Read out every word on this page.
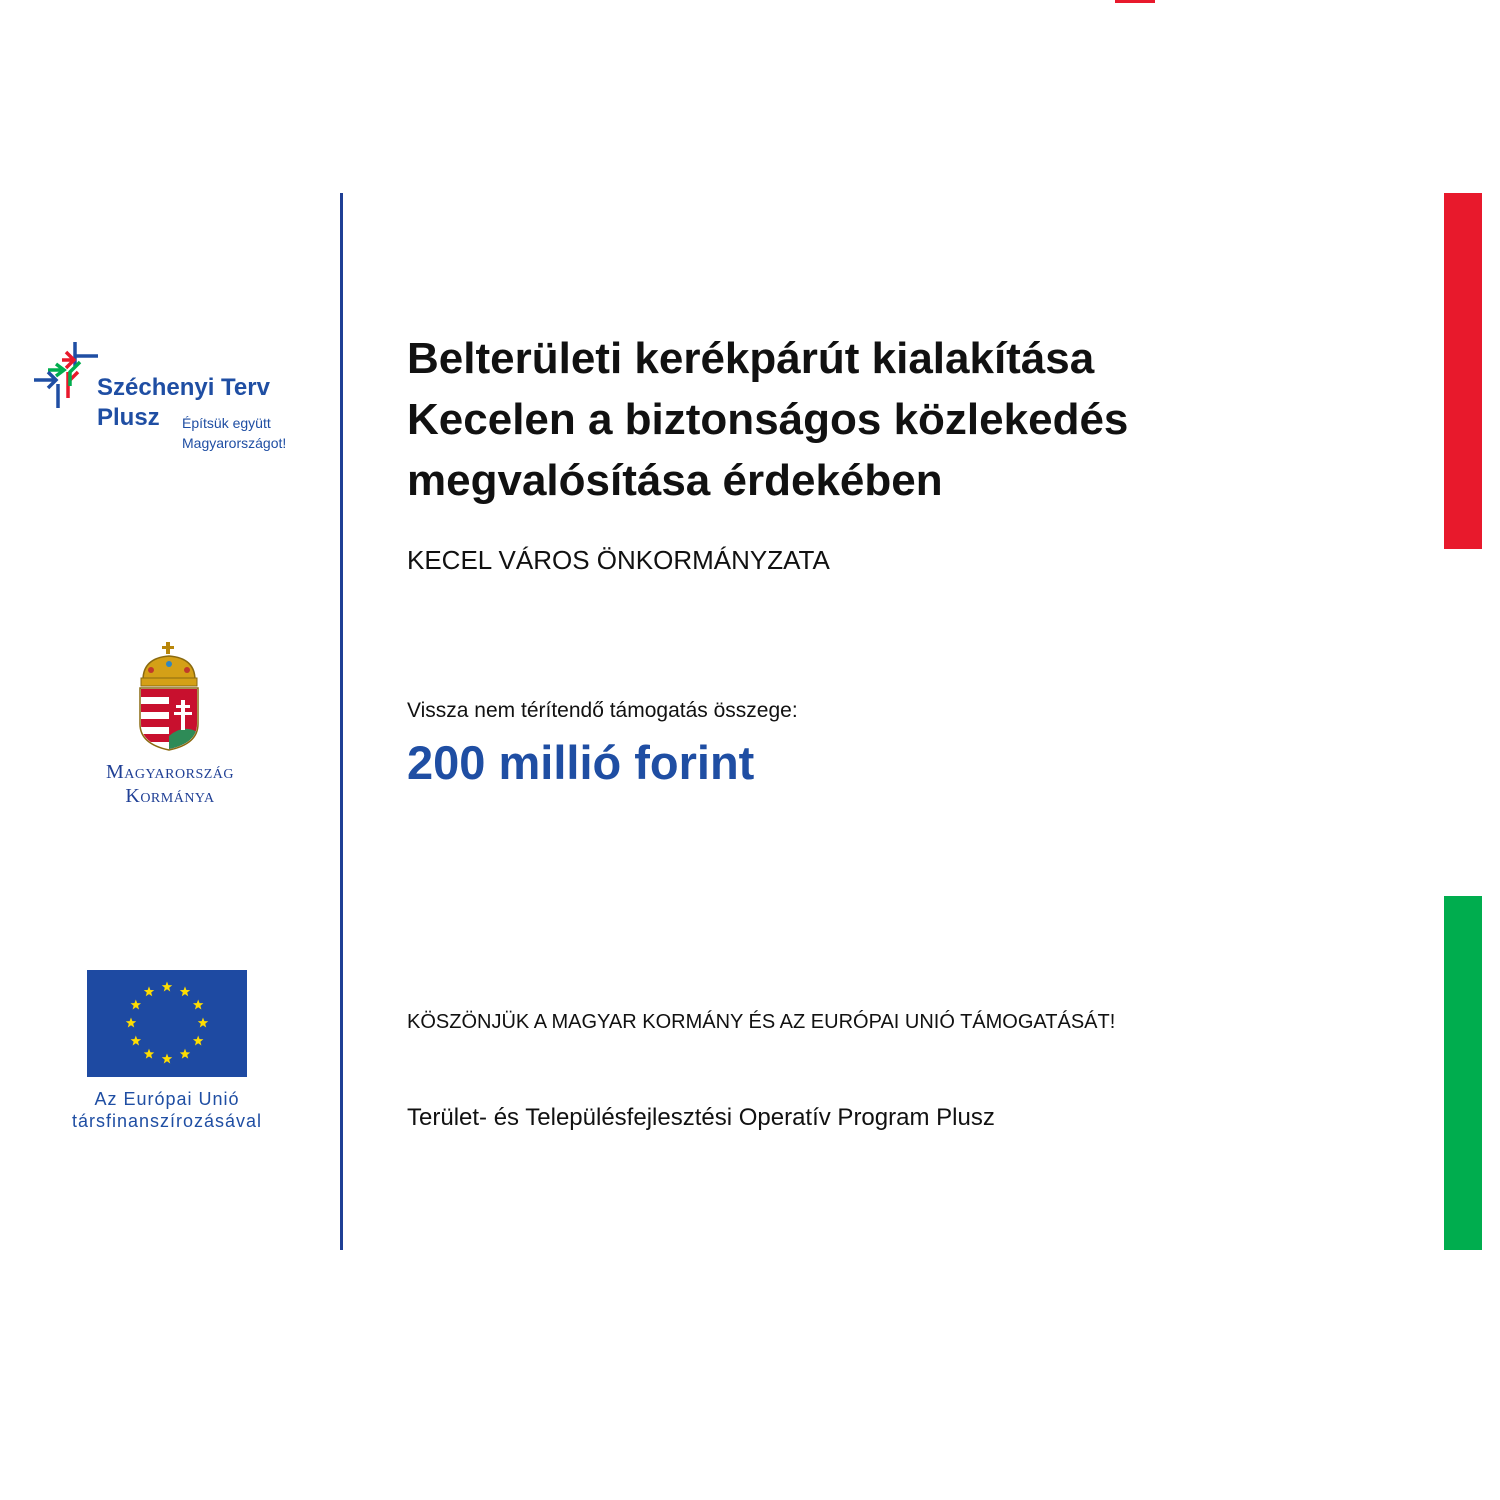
Széchenyi Terv
Plusz Építsük együtt
Magyarországot!
Magyarország
Kormánya
Az Európai Unió
társfinanszírozásával
Belterületi kerékpárút kialakítása
Kecelen a biztonságos közlekedés
megvalósítása érdekében
KECEL VÁROS ÖNKORMÁNYZATA
Vissza nem térítendő támogatás összege:
200 millió forint
KÖSZÖNJÜK A MAGYAR KORMÁNY ÉS AZ EURÓPAI UNIÓ TÁMOGATÁSÁT!
Terület- és Településfejlesztési Operatív Program Plusz
